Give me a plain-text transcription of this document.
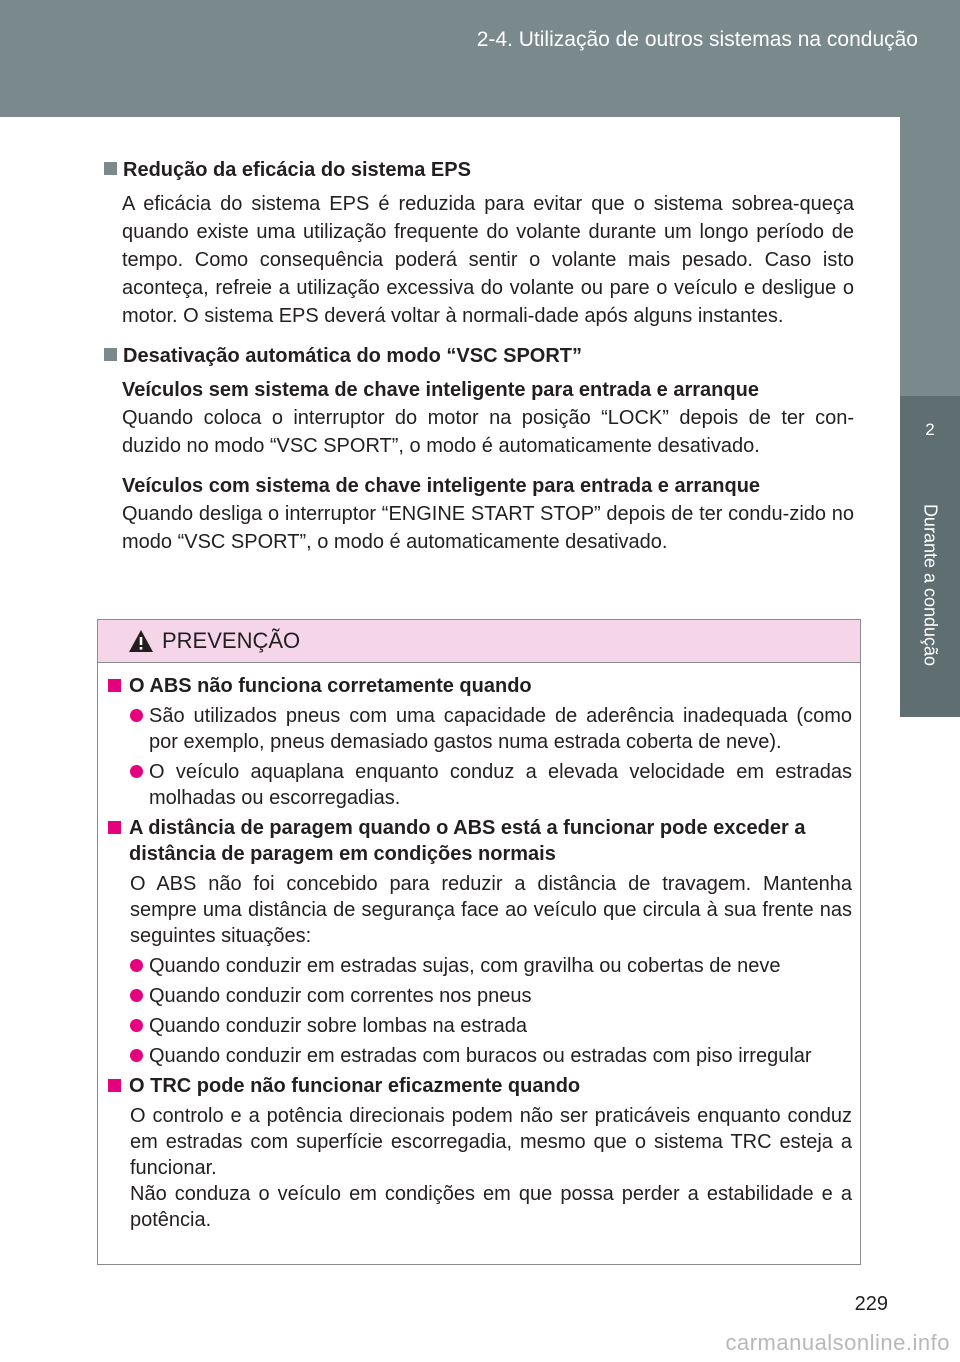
2-4. Utilização de outros sistemas na condução
2
Durante a condução
Redução da eficácia do sistema EPS
A eficácia do sistema EPS é reduzida para evitar que o sistema sobrea-queça quando existe uma utilização frequente do volante durante um longo período de tempo. Como consequência poderá sentir o volante mais pesado. Caso isto aconteça, refreie a utilização excessiva do volante ou pare o veículo e desligue o motor. O sistema EPS deverá voltar à normali-dade após alguns instantes.
Desativação automática do modo “VSC SPORT”
Veículos sem sistema de chave inteligente para entrada e arranque
Quando coloca o interruptor do motor na posição “LOCK” depois de ter con-duzido no modo “VSC SPORT”, o modo é automaticamente desativado.
Veículos com sistema de chave inteligente para entrada e arranque
Quando desliga o interruptor “ENGINE START STOP” depois de ter condu-zido no modo “VSC SPORT”, o modo é automaticamente desativado.
PREVENÇÃO
O ABS não funciona corretamente quando
São utilizados pneus com uma capacidade de aderência inadequada (como por exemplo, pneus demasiado gastos numa estrada coberta de neve).
O veículo aquaplana enquanto conduz a elevada velocidade em estradas molhadas ou escorregadias.
A distância de paragem quando o ABS está a funcionar pode exceder a distância de paragem em condições normais
O ABS não foi concebido para reduzir a distância de travagem. Mantenha sempre uma distância de segurança face ao veículo que circula à sua frente nas seguintes situações:
Quando conduzir em estradas sujas, com gravilha ou cobertas de neve
Quando conduzir com correntes nos pneus
Quando conduzir sobre lombas na estrada
Quando conduzir em estradas com buracos ou estradas com piso irregular
O TRC pode não funcionar eficazmente quando
O controlo e a potência direcionais podem não ser praticáveis enquanto conduz em estradas com superfície escorregadia, mesmo que o sistema TRC esteja a funcionar.
Não conduza o veículo em condições em que possa perder a estabilidade e a potência.
229
carmanualsonline.info
